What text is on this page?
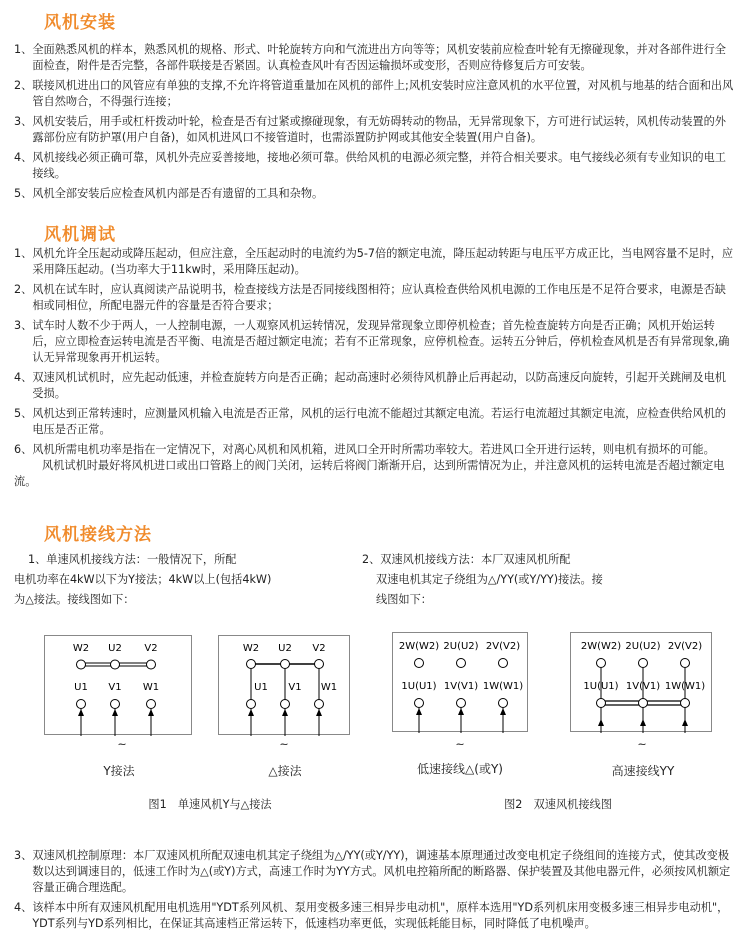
风机安装
1、 全面熟悉风机的样本，熟悉风机的规格、形式、叶轮旋转方向和气流进出方向等等；风机安装前应检查叶轮有无擦碰现象，并对各部件进行全面检查，附件是否完整，各部件联接是否紧固。认真检查风叶有否因运输损坏或变形，否则应待修复后方可安装。
2、 联接风机进出口的风管应有单独的支撑,不允许将管道重量加在风机的部件上;风机安装时应注意风机的水平位置，对风机与地基的结合面和出风管自然吻合，不得强行连接；
3、 风机安装后，用手或杠杆拨动叶轮，检查是否有过紧或擦碰现象，有无妨碍转动的物品，无异常现象下，方可进行试运转，风机传动装置的外露部份应有防护罩(用户自备)，如风机进风口不接管道时，也需添置防护网或其他安全装置(用户自备)。
4、 风机接线必须正确可靠，风机外壳应妥善接地，接地必须可靠。供给风机的电源必须完整，并符合相关要求。电气接线必须有专业知识的电工接线。
5、 风机全部安装后应检查风机内部是否有遗留的工具和杂物。
风机调试
1、 风机允许全压起动或降压起动，但应注意，全压起动时的电流约为5-7倍的额定电流，降压起动转距与电压平方成正比，当电网容量不足时，应采用降压起动。(当功率大于11kw时，采用降压起动)。
2、 风机在试车时，应认真阅读产品说明书，检查接线方法是否同接线图相符；应认真检查供给风机电源的工作电压是不足符合要求，电源是否缺相或同相位，所配电器元件的容量是否符合要求；
3、 试车时人数不少于两人，一人控制电源，一人观察风机运转情况，发现异常现象立即停机检查；首先检查旋转方向是否正确；风机开始运转后，应立即检查运转电流是否平衡、电流是否超过额定电流；若有不正常现象，应停机检查。运转五分钟后，停机检查风机是否有异常现象,确认无异常现象再开机运转。
4、 双速风机试机时，应先起动低速，并检查旋转方向是否正确；起动高速时必须待风机静止后再起动，以防高速反向旋转，引起开关跳闸及电机受损。
5、 风机达到正常转速时，应测量风机输入电流是否正常，风机的运行电流不能超过其额定电流。若运行电流超过其额定电流，应检查供给风机的电压是否正常。
6、 风机所需电机功率是指在一定情况下，对离心风机和风机箱，进风口全开时所需功率较大。若进风口全开进行运转，则电机有损坏的可能。
风机试机时最好将风机进口或出口管路上的阀门关闭，运转后将阀门渐渐开启，达到所需情况为止，并注意风机的运转电流是否超过额定电流。
风机接线方法
1、单速风机接线方法：一般情况下，所配
电机功率在4kW以下为Y接法；4kW以上(包括4kW)
为△接法。接线图如下：
2、双速风机接线方法：本厂双速风机所配
双速电机其定子绕组为△/YY(或Y/YY)接法。接
线图如下：
W2 U2 V2
U1 V1 W1
W2 U2 V2
U1 V1 W1
2W(W2) 2U(U2) 2V(V2)
1U(U1) 1V(V1) 1W(W1)
2W(W2) 2U(U2) 2V(V2)
1U(U1) 1V(V1) 1W(W1)
~	~	~	~
Y接法	△接法	低速接线△(或Y)	高速接线YY
图1　单速风机Y与△接法	图2　双速风机接线图
3、 双速风机控制原理：本厂双速风机所配双速电机其定子绕组为△/YY(或Y/YY)，调速基本原理通过改变电机定子绕组间的连接方式，使其改变极数以达到调速目的，低速工作时为△(或Y)方式，高速工作时为YY方式。风机电控箱所配的断路器、保护装置及其他电器元件，必须按风机额定容量正确合理选配。
4、 该样本中所有双速风机配用电机选用"YDT系列风机、泵用变极多速三相异步电动机"，原样本选用"YD系列机床用变极多速三相异步电动机"，YDT系列与YD系列相比，在保证其高速档正常运转下，低速档功率更低，实现低耗能目标，同时降低了电机噪声。
